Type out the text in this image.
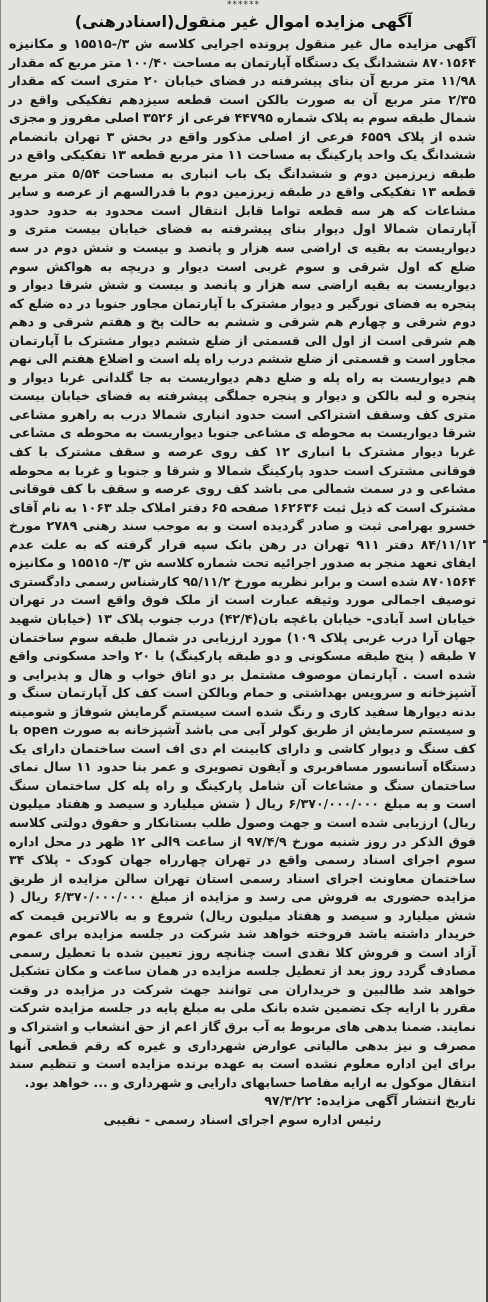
******
آگهی مزایده اموال غیر منقول(اسنادرهنی)
آگهی مزایده مال غیر منقول پرونده اجرایی کلاسه ش ۳/-۱۵۵۱۵ و مکانیزه ۸۷۰۱۵۶۴ ششدانگ یک دستگاه آپارتمان به مساحت ۱۰۰/۴۰ متر مربع که مقدار ۱۱/۹۸ متر مربع آن بنای پیشرفته در فضای خیابان ۲۰ متری است که مقدار ۲/۳۵ متر مربع آن به صورت بالکن است قطعه سیزدهم تفکیکی واقع در شمال طبقه سوم به پلاک شماره ۴۴۷۹۵ فرعی از ۳۵۲۶ اصلی مفروز و مجزی شده از پلاک ۶۵۵۹ فرعی از اصلی مذکور واقع در بخش ۳ تهران بانضمام ششدانگ یک واحد پارکینگ به مساحت ۱۱ متر مربع قطعه ۱۳ تفکیکی واقع در طبقه زیرزمین دوم و ششدانگ یک باب انباری به مساحت ۵/۵۴ متر مربع قطعه ۱۳ تفکیکی واقع در طبقه زیرزمین دوم با قدرالسهم از عرصه و سایر مشاعات که هر سه قطعه تواما قابل انتقال است محدود به حدود حدود آپارتمان شمالا اول دیوار بنای پیشرفته به فضای خیابان بیست متری و دیواریست به بقیه ی اراضی سه هزار و پانصد و بیست و شش دوم در سه ضلع که اول شرقی و سوم غربی است دیوار و دریچه به هواکش سوم دیواریست به بقیه اراضی سه هزار و پانصد و بیست و شش شرقا دیوار و پنجره به فضای نورگیر و دیوار مشترک با آپارتمان مجاور جنوبا در ده ضلع که دوم شرقی و چهارم هم شرقی و ششم به حالت پخ و هفتم شرقی و دهم هم شرقی است از اول الی قسمتی از ضلع ششم دیوار مشترک با آپارتمان مجاور است و قسمتی از ضلع ششم درب راه پله است و اضلاع هفتم الی نهم هم دیواریست به راه پله و ضلع دهم دیواریست به جا گلدانی غربا دیوار و پنجره و لبه بالکن و دیوار و پنجره جملگی پیشرفته به فضای خیابان بیست متری کف وسقف اشتراکی است حدود انباری شمالا درب به راهرو مشاعی شرقا دیواریست به محوطه ی مشاعی جنوبا دیواریست به محوطه ی مشاعی غربا دیوار مشترک با انباری ۱۲ کف روی عرصه و سقف مشترک با کف فوقانی مشترک است حدود پارکینگ شمالا و شرقا و جنوبا و غربا به محوطه مشاعی و در سمت شمالی می باشد کف روی عرصه و سقف با کف فوقانی مشترک است که ذیل ثبت ۱۶۲۶۳۶ صفحه ۶۵ دفتر املاک جلد ۱۰۶۳ به نام آقای خسرو بهرامی ثبت و صادر گردیده است و به موجب سند رهنی ۲۷۸۹ مورخ ۸۴/۱۱/۱۲ دفتر ۹۱۱ تهران در رهن بانک سپه قرار گرفته که به علت عدم ایفای تعهد منجر به صدور اجرائیه تحت شماره کلاسه ش ۳/- ۱۵۵۱۵ و مکانیزه ۸۷۰۱۵۶۴ شده است و برابر نظریه مورخ ۹۵/۱۱/۲ کارشناس رسمی دادگستری توصیف اجمالی مورد وثیقه عبارت است از ملک فوق واقع است در تهران خیابان اسد آبادی- خیابان باغچه بان(۴۲/۴) درب جنوب پلاک ۱۳ (خیابان شهید جهان آرا درب غربی پلاک ۱۰۹) مورد ارزیابی در شمال طبقه سوم ساختمان ۷ طبقه ( پنج طبقه مسکونی و دو طبقه پارکینگ) با ۲۰ واحد مسکونی واقع شده است . آپارتمان موصوف مشتمل بر دو اتاق خواب و هال و پذیرایی و آشپزخانه و سرویس بهداشتی و حمام وبالکن است کف کل آپارتمان سنگ و بدنه دیوارها سفید کاری و رنگ شده است سیستم گرمایش شوفاژ و شومینه و سیستم سرمایش از طریق کولر آبی می باشد آشپزخانه به صورت open با کف سنگ و دیوار کاشی و دارای کابینت ام دی اف است ساختمان دارای یک دستگاه آسانسور مسافربری و آیفون تصویری و عمر بنا حدود ۱۱ سال نمای ساختمان سنگ و مشاعات آن شامل پارکینگ و راه پله کل ساختمان سنگ است و به مبلغ ۶/۳۷۰/۰۰۰/۰۰۰ ریال ( شش میلیارد و سیصد و هفتاد میلیون ریال) ارزیابی شده است و جهت وصول طلب بستانکار و حقوق دولتی کلاسه فوق الذکر در روز شنبه مورخ ۹۷/۴/۹ از ساعت ۹الی ۱۲ ظهر در محل اداره سوم اجرای اسناد رسمی واقع در تهران چهارراه جهان کودک - پلاک ۳۴ ساختمان معاونت اجرای اسناد رسمی استان تهران سالن مزایده از طریق مزایده حضوری به فروش می رسد و مزایده از مبلغ ۶/۳۷۰/۰۰۰/۰۰۰ ریال ( شش میلیارد و سیصد و هفتاد میلیون ریال) شروع و به بالاترین قیمت که خریدار داشته باشد فروخته خواهد شد شرکت در جلسه مزایده برای عموم آزاد است و فروش کلا نقدی است چنانچه روز تعیین شده با تعطیل رسمی مصادف گردد روز بعد از تعطیل جلسه مزایده در همان ساعت و مکان تشکیل خواهد شد طالبین و خریداران می توانند جهت شرکت در مزایده در وقت مقرر با ارایه چک تضمین شده بانک ملی به مبلغ پایه در جلسه مزایده شرکت نمایند. ضمنا بدهی های مربوط به آب برق گاز اعم از حق انشعاب و اشتراک و مصرف و نیز بدهی مالیاتی عوارض شهرداری و غیره که رقم قطعی آنها برای این اداره معلوم نشده است به عهده برنده مزایده است و تنظیم سند انتقال موکول به ارایه مفاصا حسابهای دارایی و شهرداری و ... خواهد بود.
تاریخ انتشار آگهی مزایده: ۹۷/۳/۲۲
رئیس اداره سوم اجرای اسناد رسمی - نقیبی
